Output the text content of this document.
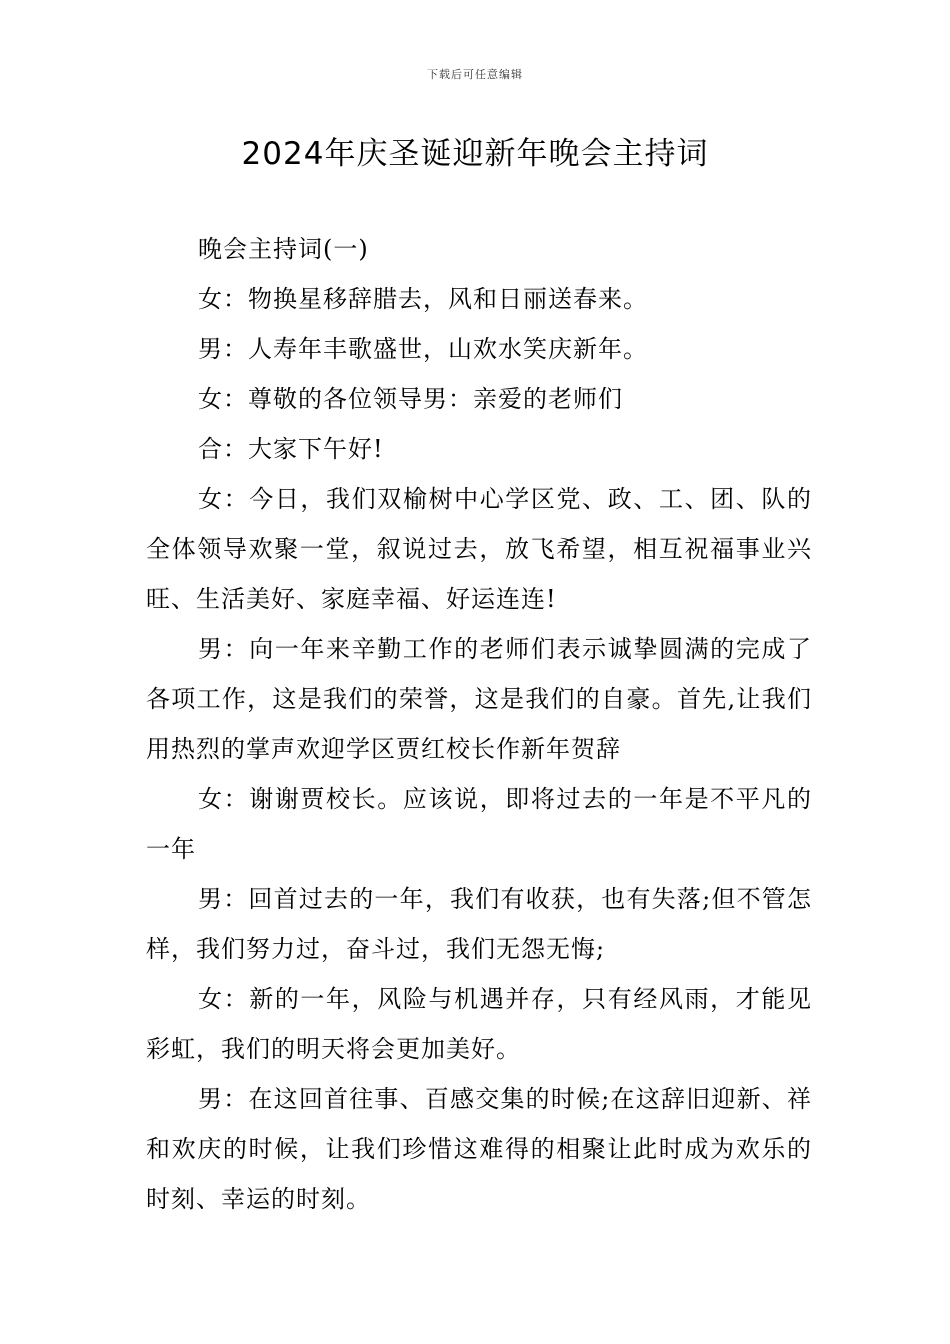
下载后可任意编辑
2024年庆圣诞迎新年晚会主持词

晚会主持词(一)

女：物换星移辞腊去，风和日丽送春来。

男：人寿年丰歌盛世，山欢水笑庆新年。

女：尊敬的各位领导男：亲爱的老师们

合：大家下午好!

女：今日，我们双榆树中心学区党、政、工、团、队的全体领导欢聚一堂，叙说过去，放飞希望，相互祝福事业兴旺、生活美好、家庭幸福、好运连连!

男：向一年来辛勤工作的老师们表示诚挚圆满的完成了各项工作，这是我们的荣誉，这是我们的自豪。首先,让我们用热烈的掌声欢迎学区贾红校长作新年贺辞

女：谢谢贾校长。应该说，即将过去的一年是不平凡的一年

男：回首过去的一年，我们有收获，也有失落;但不管怎样，我们努力过，奋斗过，我们无怨无悔;

女：新的一年，风险与机遇并存，只有经风雨，才能见彩虹，我们的明天将会更加美好。

男：在这回首往事、百感交集的时候;在这辞旧迎新、祥和欢庆的时候，让我们珍惜这难得的相聚让此时成为欢乐的时刻、幸运的时刻。
